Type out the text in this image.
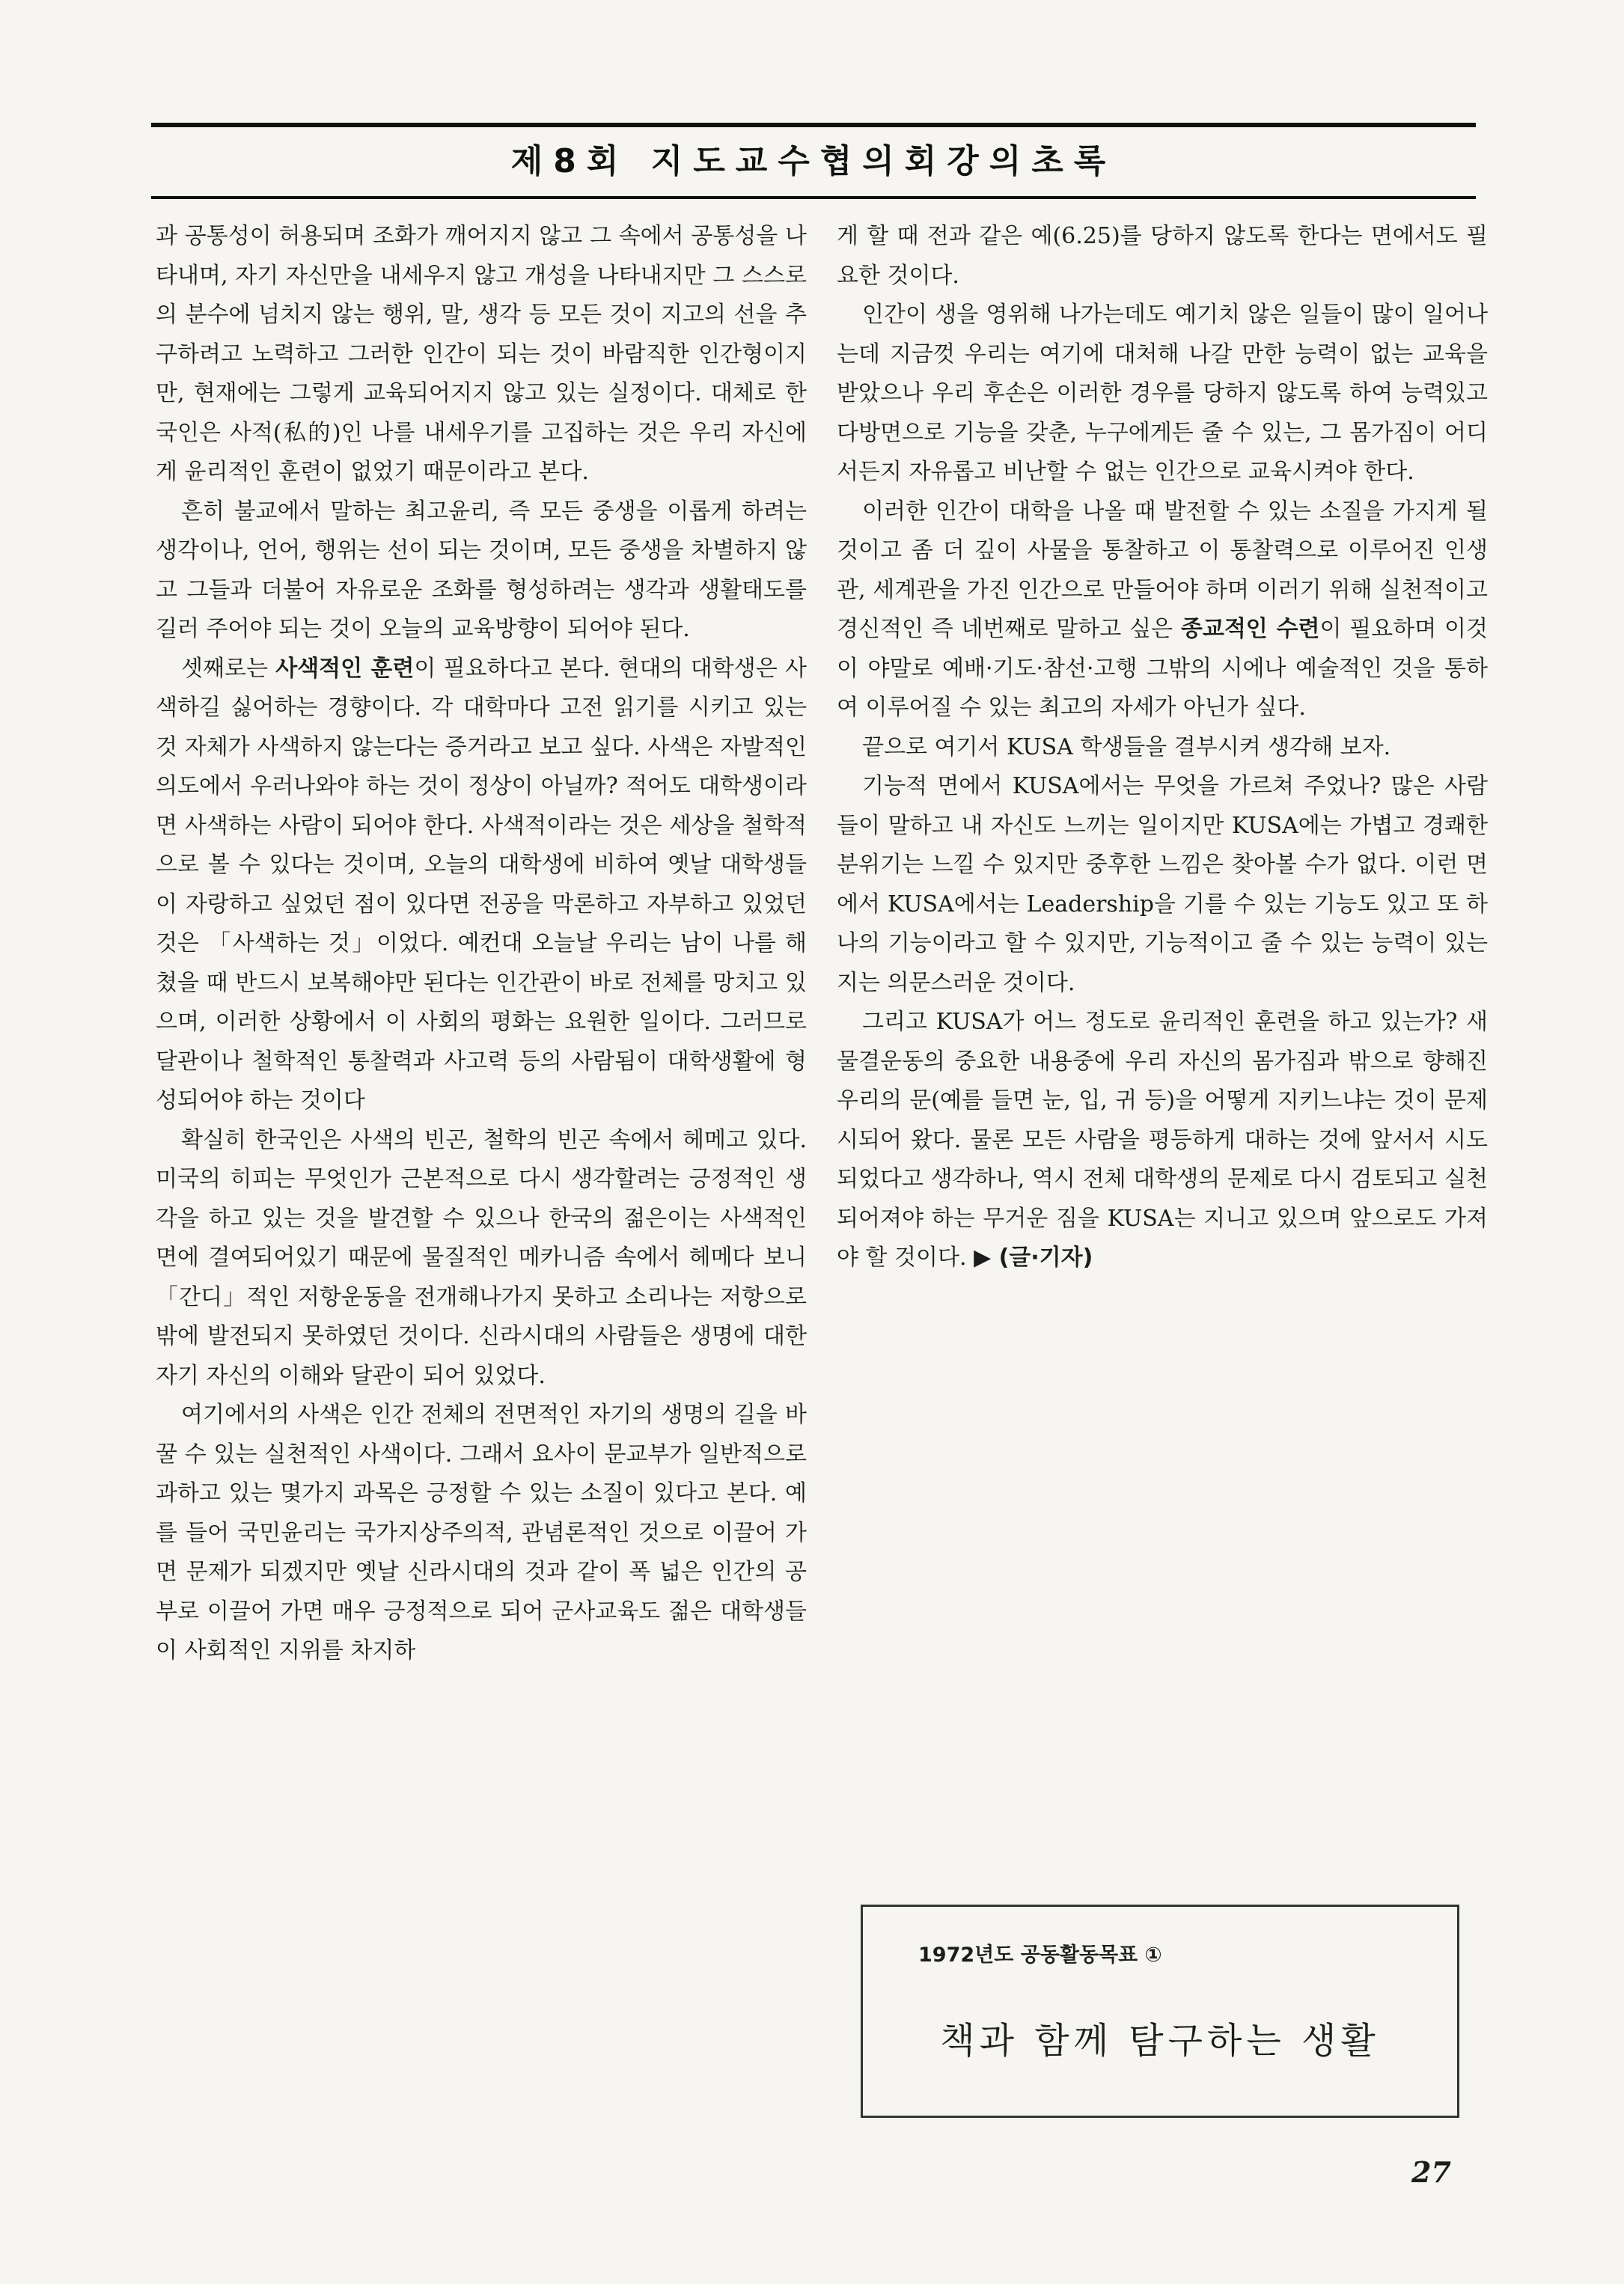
제8회 지도교수협의회강의초록

과 공통성이 허용되며 조화가 깨어지지 않고 그 속에서 공통성을 나타내며, 자기 자신만을 내세우지 않고 개성을 나타내지만 그 스스로의 분수에 넘치지 않는 행위, 말, 생각 등 모든 것이 지고의 선을 추구하려고 노력하고 그러한 인간이 되는 것이 바람직한 인간형이지만, 현재에는 그렇게 교육되어지지 않고 있는 실정이다. 대체로 한국인은 사적(私的)인 나를 내세우기를 고집하는 것은 우리 자신에게 윤리적인 훈련이 없었기 때문이라고 본다.

흔히 불교에서 말하는 최고윤리, 즉 모든 중생을 이롭게 하려는 생각이나, 언어, 행위는 선이 되는 것이며, 모든 중생을 차별하지 않고 그들과 더불어 자유로운 조화를 형성하려는 생각과 생활태도를 길러 주어야 되는 것이 오늘의 교육방향이 되어야 된다.

셋째로는 사색적인 훈련이 필요하다고 본다. 현대의 대학생은 사색하길 싫어하는 경향이다. 각 대학마다 고전 읽기를 시키고 있는 것 자체가 사색하지 않는다는 증거라고 보고 싶다. 사색은 자발적인 의도에서 우러나와야 하는 것이 정상이 아닐까? 적어도 대학생이라면 사색하는 사람이 되어야 한다. 사색적이라는 것은 세상을 철학적으로 볼 수 있다는 것이며, 오늘의 대학생에 비하여 옛날 대학생들이 자랑하고 싶었던 점이 있다면 전공을 막론하고 자부하고 있었던 것은 「사색하는 것」이었다. 예컨대 오늘날 우리는 남이 나를 해쳤을 때 반드시 보복해야만 된다는 인간관이 바로 전체를 망치고 있으며, 이러한 상황에서 이 사회의 평화는 요원한 일이다. 그러므로 달관이나 철학적인 통찰력과 사고력 등의 사람됨이 대학생활에 형성되어야 하는 것이다

확실히 한국인은 사색의 빈곤, 철학의 빈곤 속에서 헤메고 있다. 미국의 히피는 무엇인가 근본적으로 다시 생각할려는 긍정적인 생각을 하고 있는 것을 발견할 수 있으나 한국의 젊은이는 사색적인 면에 결여되어있기 때문에 물질적인 메카니즘 속에서 헤메다 보니 「간디」적인 저항운동을 전개해나가지 못하고 소리나는 저항으로 밖에 발전되지 못하였던 것이다. 신라시대의 사람들은 생명에 대한 자기 자신의 이해와 달관이 되어 있었다.

여기에서의 사색은 인간 전체의 전면적인 자기의 생명의 길을 바꿀 수 있는 실천적인 사색이다. 그래서 요사이 문교부가 일반적으로 과하고 있는 몇가지 과목은 긍정할 수 있는 소질이 있다고 본다. 예를 들어 국민윤리는 국가지상주의적, 관념론적인 것으로 이끌어 가면 문제가 되겠지만 옛날 신라시대의 것과 같이 폭 넓은 인간의 공부로 이끌어 가면 매우 긍정적으로 되어 군사교육도 젊은 대학생들이 사회적인 지위를 차지하

게 할 때 전과 같은 예(6.25)를 당하지 않도록 한다는 면에서도 필요한 것이다.

인간이 생을 영위해 나가는데도 예기치 않은 일들이 많이 일어나는데 지금껏 우리는 여기에 대처해 나갈 만한 능력이 없는 교육을 받았으나 우리 후손은 이러한 경우를 당하지 않도록 하여 능력있고 다방면으로 기능을 갖춘, 누구에게든 줄 수 있는, 그 몸가짐이 어디서든지 자유롭고 비난할 수 없는 인간으로 교육시켜야 한다.

이러한 인간이 대학을 나올 때 발전할 수 있는 소질을 가지게 될 것이고 좀 더 깊이 사물을 통찰하고 이 통찰력으로 이루어진 인생관, 세계관을 가진 인간으로 만들어야 하며 이러기 위해 실천적이고 경신적인 즉 네번째로 말하고 싶은 종교적인 수련이 필요하며 이것이 야말로 예배·기도·참선·고행 그밖의 시에나 예술적인 것을 통하여 이루어질 수 있는 최고의 자세가 아닌가 싶다.

끝으로 여기서 KUSA 학생들을 결부시켜 생각해 보자.

기능적 면에서 KUSA에서는 무엇을 가르쳐 주었나? 많은 사람들이 말하고 내 자신도 느끼는 일이지만 KUSA에는 가볍고 경쾌한 분위기는 느낄 수 있지만 중후한 느낌은 찾아볼 수가 없다. 이런 면에서 KUSA에서는 Leadership을 기를 수 있는 기능도 있고 또 하나의 기능이라고 할 수 있지만, 기능적이고 줄 수 있는 능력이 있는지는 의문스러운 것이다.

그리고 KUSA가 어느 정도로 윤리적인 훈련을 하고 있는가? 새물결운동의 중요한 내용중에 우리 자신의 몸가짐과 밖으로 향해진 우리의 문(예를 들면 눈, 입, 귀 등)을 어떻게 지키느냐는 것이 문제시되어 왔다. 물론 모든 사람을 평등하게 대하는 것에 앞서서 시도되었다고 생각하나, 역시 전체 대학생의 문제로 다시 검토되고 실천되어져야 하는 무거운 짐을 KUSA는 지니고 있으며 앞으로도 가져야 할 것이다. ▶ (글·기자)

1972년도 공동활동목표 ①
책과 함께 탐구하는 생활
27
